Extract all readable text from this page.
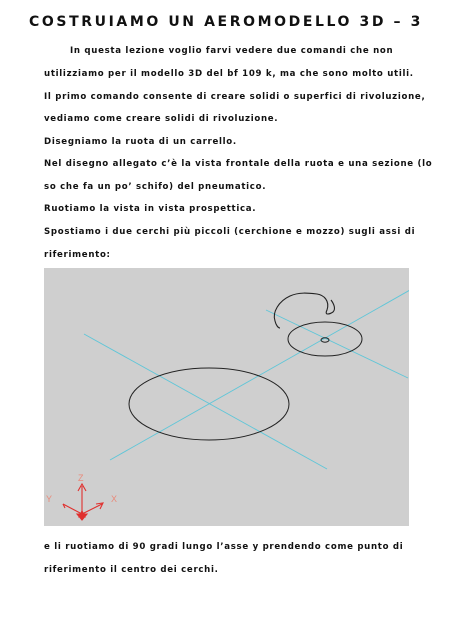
COSTRUIAMO UN AEROMODELLO 3D – 3
In questa lezione voglio farvi vedere due comandi che non
utilizziamo per il modello 3D del bf 109 k, ma che sono molto utili.
Il primo comando consente di creare solidi o superfici di rivoluzione,
vediamo come creare solidi di rivoluzione.
Disegniamo la ruota di un carrello.
Nel disegno allegato c’è la vista frontale della ruota e una sezione (lo
so che fa un po’ schifo) del pneumatico.
Ruotiamo la vista in vista prospettica.
Spostiamo i due cerchi più piccoli (cerchione e mozzo) sugli assi di
riferimento:
Z
Y	X
e li ruotiamo di 90 gradi lungo l’asse y prendendo come punto di
riferimento il centro dei cerchi.
